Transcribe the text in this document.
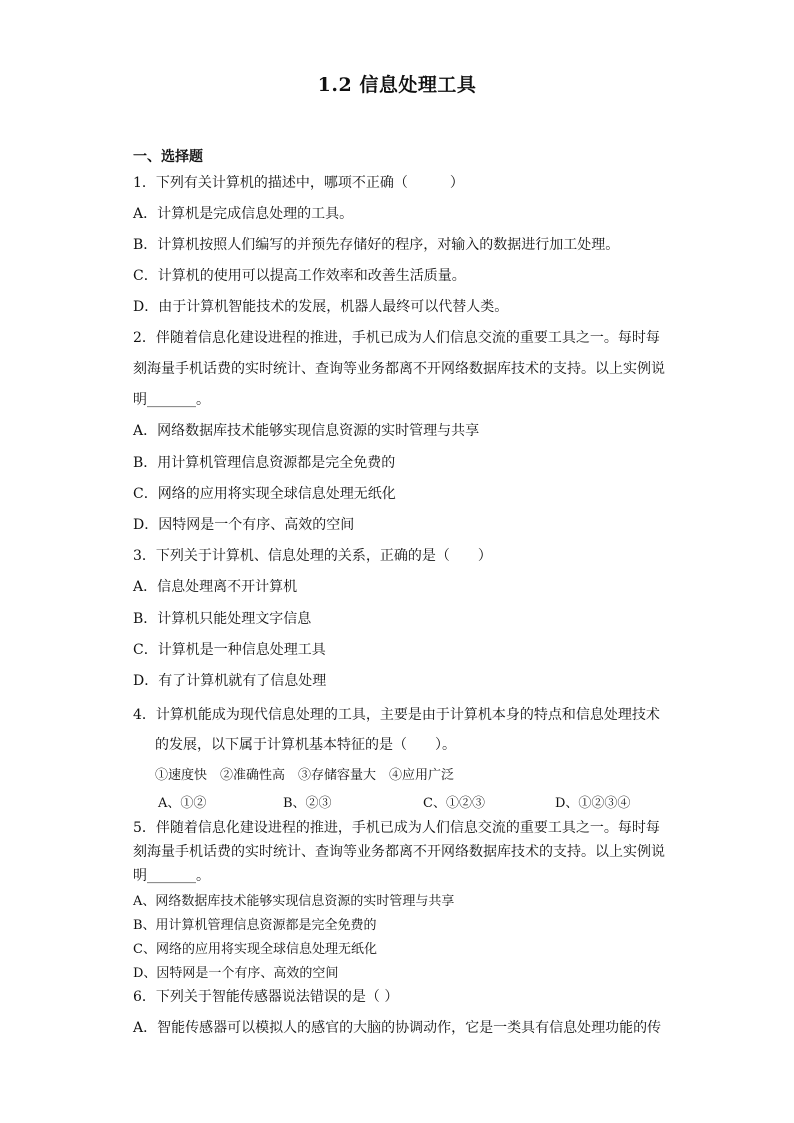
1.2 信息处理工具
一、选择题
1．下列有关计算机的描述中，哪项不正确（　　　）
A．计算机是完成信息处理的工具。
B．计算机按照人们编写的并预先存储好的程序，对输入的数据进行加工处理。
C．计算机的使用可以提高工作效率和改善生活质量。
D．由于计算机智能技术的发展，机器人最终可以代替人类。
2．伴随着信息化建设进程的推进，手机已成为人们信息交流的重要工具之一。每时每
刻海量手机话费的实时统计、查询等业务都离不开网络数据库技术的支持。以上实例说
明_______。
A．网络数据库技术能够实现信息资源的实时管理与共享
B．用计算机管理信息资源都是完全免费的
C．网络的应用将实现全球信息处理无纸化
D．因特网是一个有序、高效的空间
3．下列关于计算机、信息处理的关系，正确的是（　　）
A．信息处理离不开计算机
B．计算机只能处理文字信息
C．计算机是一种信息处理工具
D．有了计算机就有了信息处理
4．计算机能成为现代信息处理的工具，主要是由于计算机本身的特点和信息处理技术
的发展，以下属于计算机基本特征的是（　　）。
①速度快　②准确性高　③存储容量大　④应用广泛
A、①②	B、②③	C、①②③	D、①②③④
5．伴随着信息化建设进程的推进，手机已成为人们信息交流的重要工具之一。每时每
刻海量手机话费的实时统计、查询等业务都离不开网络数据库技术的支持。以上实例说
明_______。
A、网络数据库技术能够实现信息资源的实时管理与共享
B、用计算机管理信息资源都是完全免费的
C、网络的应用将实现全球信息处理无纸化
D、因特网是一个有序、高效的空间
6．下列关于智能传感器说法错误的是（ ）
A．智能传感器可以模拟人的感官的大脑的协调动作，它是一类具有信息处理功能的传
